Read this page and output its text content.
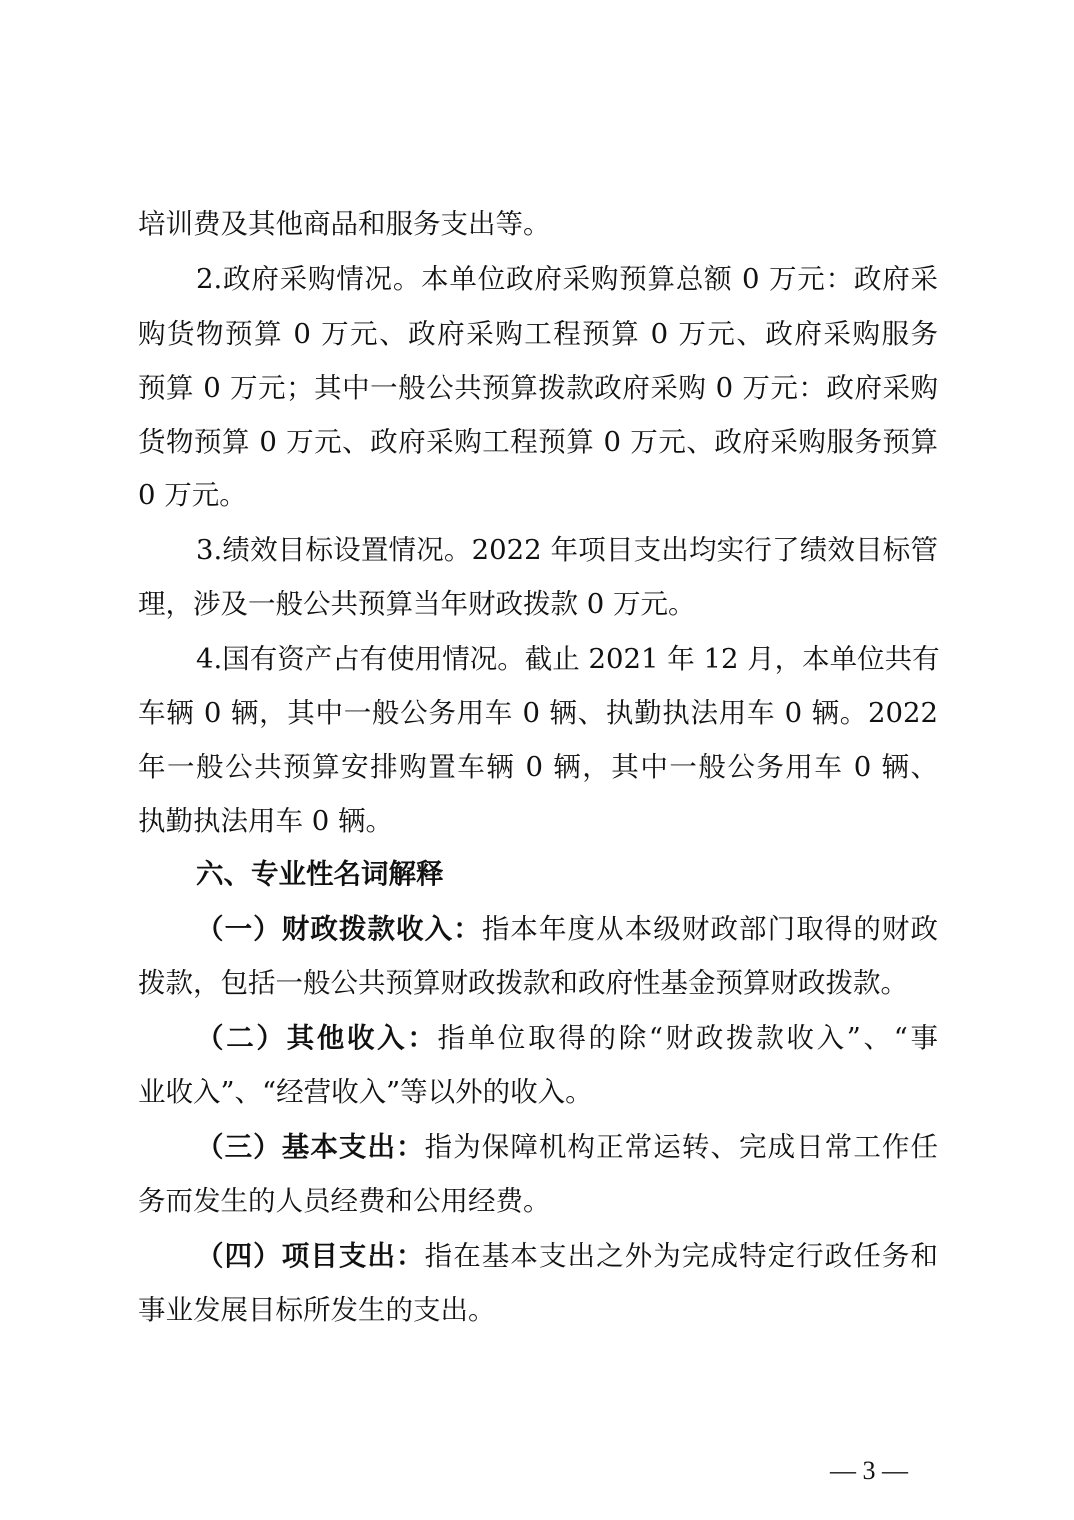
培训费及其他商品和服务支出等。
2.政府采购情况。本单位政府采购预算总额 0 万元：政府采
购货物预算 0 万元、政府采购工程预算 0 万元、政府采购服务
预算 0 万元；其中一般公共预算拨款政府采购 0 万元：政府采购
货物预算 0 万元、政府采购工程预算 0 万元、政府采购服务预算
0 万元。
3.绩效目标设置情况。2022 年项目支出均实行了绩效目标管
理，涉及一般公共预算当年财政拨款 0 万元。
4.国有资产占有使用情况。截止 2021 年 12 月，本单位共有
车辆 0 辆，其中一般公务用车 0 辆、执勤执法用车 0 辆。2022
年一般公共预算安排购置车辆 0 辆，其中一般公务用车 0 辆、
执勤执法用车 0 辆。
六、专业性名词解释
（一）财政拨款收入：指本年度从本级财政部门取得的财政
拨款，包括一般公共预算财政拨款和政府性基金预算财政拨款。
（二）其他收入：指单位取得的除“财政拨款收入”、“事
业收入”、“经营收入”等以外的收入。
（三）基本支出：指为保障机构正常运转、完成日常工作任
务而发生的人员经费和公用经费。
（四）项目支出：指在基本支出之外为完成特定行政任务和
事业发展目标所发生的支出。
— 3 —
